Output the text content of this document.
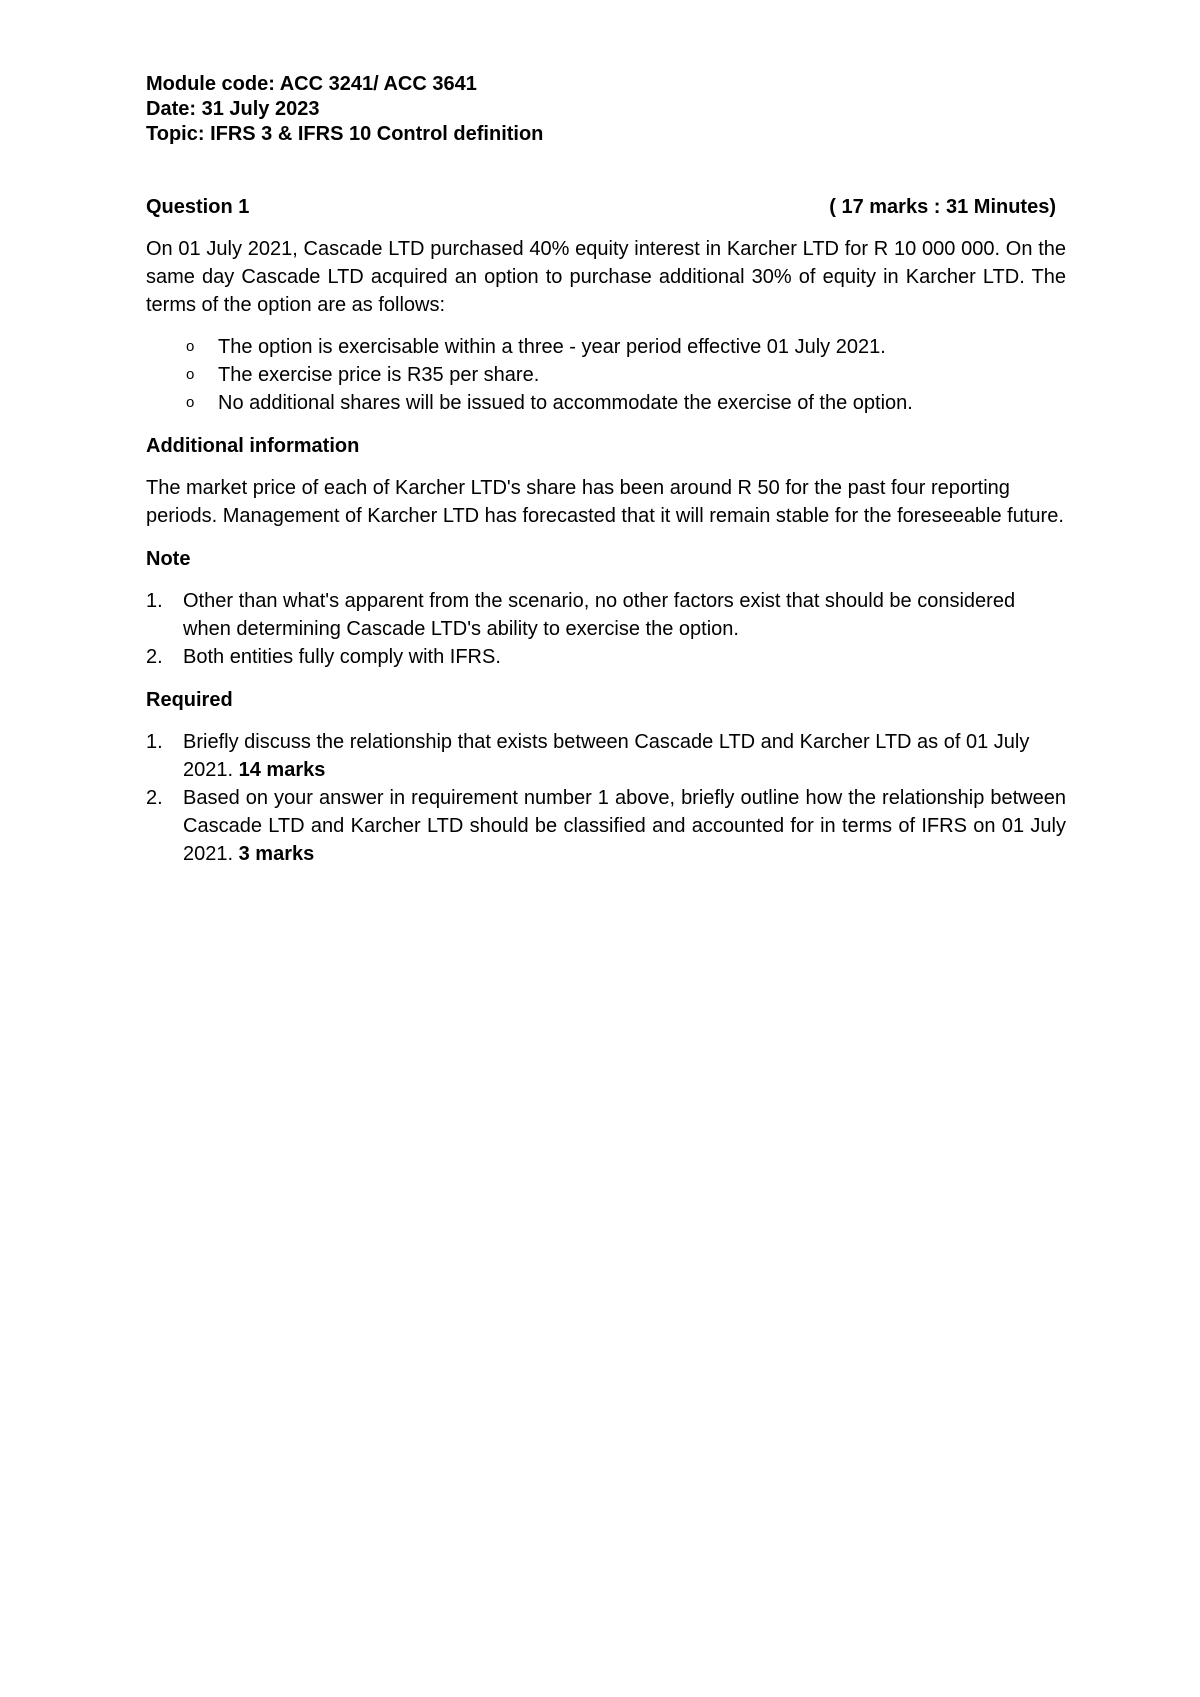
Module code: ACC 3241/ ACC 3641

Date: 31 July 2023

Topic: IFRS 3 & IFRS 10 Control definition

Question 1	( 17 marks : 31 Minutes)

On 01 July 2021, Cascade LTD purchased 40% equity interest in Karcher LTD for R 10 000 000. On the same day Cascade LTD acquired an option to purchase additional 30% of equity in Karcher LTD. The terms of the option are as follows:

o The option is exercisable within a three - year period effective 01 July 2021.
o The exercise price is R35 per share.
o No additional shares will be issued to accommodate the exercise of the option.

Additional information

The market price of each of Karcher LTD's share has been around R 50 for the past four reporting periods. Management of Karcher LTD has forecasted that it will remain stable for the foreseeable future.

Note

1. Other than what's apparent from the scenario, no other factors exist that should be considered when determining Cascade LTD's ability to exercise the option.
2. Both entities fully comply with IFRS.

Required

1. Briefly discuss the relationship that exists between Cascade LTD and Karcher LTD as of 01 July 2021. 14 marks
2. Based on your answer in requirement number 1 above, briefly outline how the relationship between Cascade LTD and Karcher LTD should be classified and accounted for in terms of IFRS on 01 July 2021. 3 marks
